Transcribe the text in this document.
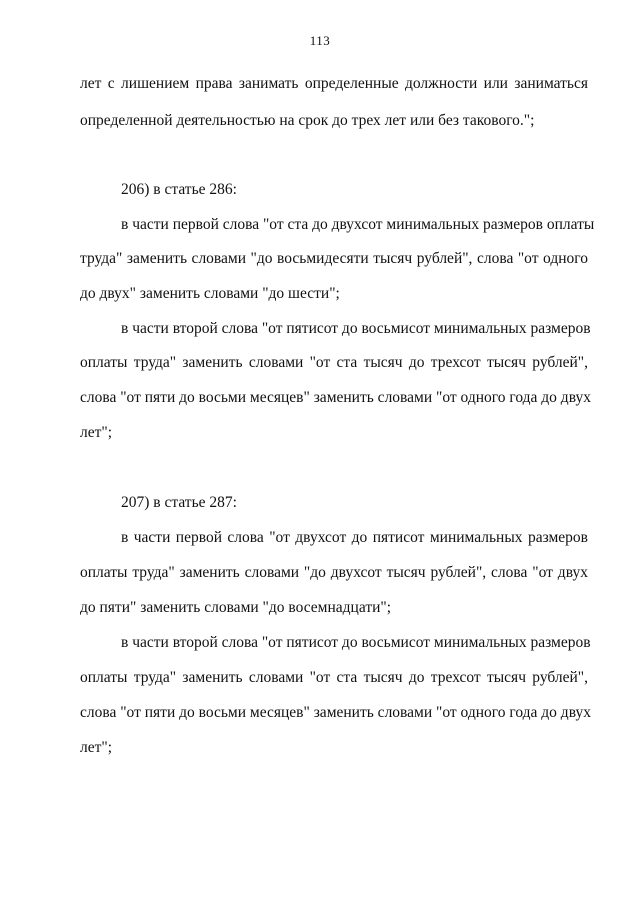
113
лет с лишением права занимать определенные должности или заниматься
определенной деятельностью на срок до трех лет или без такового.";
206) в статье 286:
в части первой слова "от ста до двухсот минимальных размеров оплаты
труда" заменить словами "до восьмидесяти тысяч рублей", слова "от одного
до двух" заменить словами "до шести";
в части второй слова "от пятисот до восьмисот минимальных размеров
оплаты труда" заменить словами "от ста тысяч до трехсот тысяч рублей",
слова "от пяти до восьми месяцев" заменить словами "от одного года до двух
лет";
207) в статье 287:
в части первой слова "от двухсот до пятисот минимальных размеров
оплаты труда" заменить словами "до двухсот тысяч рублей", слова "от двух
до пяти" заменить словами "до восемнадцати";
в части второй слова "от пятисот до восьмисот минимальных размеров
оплаты труда" заменить словами "от ста тысяч до трехсот тысяч рублей",
слова "от пяти до восьми месяцев" заменить словами "от одного года до двух
лет";
